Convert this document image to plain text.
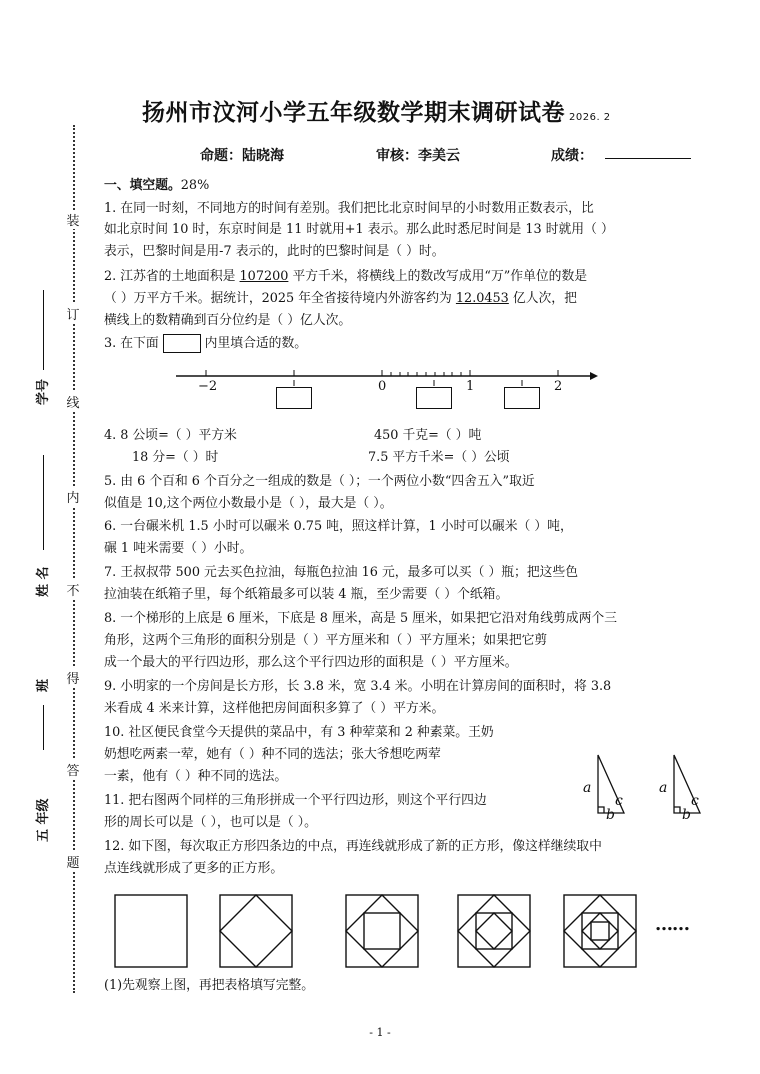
扬州市汶河小学五年级数学期末调研试卷 2026. 2
命题：陆晓海	审核：李美云	成绩：
装
订
线
内
不
得
答
题
学号
姓 名
班
五 年级
一、填空题。28%
1. 在同一时刻，不同地方的时间有差别。我们把比北京时间早的小时数用正数表示，比
如北京时间 10 时，东京时间是 11 时就用+1 表示。那么此时悉尼时间是 13 时就用（ ）
表示，巴黎时间是用-7 表示的，此时的巴黎时间是（ ）时。
2. 江苏省的土地面积是 107200 平方千米，将横线上的数改写成用“万”作单位的数是
（ ）万平方千米。据统计，2025 年全省接待境内外游客约为 12.0453 亿人次，把
横线上的数精确到百分位约是（ ）亿人次。
3. 在下面	内里填合适的数。
−2	0	1	2
4. 8 公顷=（ ）平方米	450 千克=（ ）吨
18 分=（ ）时	7.5 平方千米=（ ）公顷
5. 由 6 个百和 6 个百分之一组成的数是（ ）；一个两位小数“四舍五入”取近
似值是 10,这个两位小数最小是（ ），最大是（ ）。
6. 一台碾米机 1.5 小时可以碾米 0.75 吨，照这样计算，1 小时可以碾米（ ）吨，
碾 1 吨米需要（ ）小时。
7. 王叔叔带 500 元去买色拉油，每瓶色拉油 16 元，最多可以买（ ）瓶；把这些色
拉油装在纸箱子里，每个纸箱最多可以装 4 瓶，至少需要（ ）个纸箱。
8. 一个梯形的上底是 6 厘米，下底是 8 厘米，高是 5 厘米，如果把它沿对角线剪成两个三
角形，这两个三角形的面积分别是（ ）平方厘米和（ ）平方厘米；如果把它剪
成一个最大的平行四边形，那么这个平行四边形的面积是（ ）平方厘米。
9. 小明家的一个房间是长方形，长 3.8 米，宽 3.4 米。小明在计算房间的面积时，将 3.8
米看成 4 米来计算，这样他把房间面积多算了（ ）平方米。
10. 社区便民食堂今天提供的菜品中，有 3 种荤菜和 2 种素菜。王奶
奶想吃两素一荤，她有（ ）种不同的选法；张大爷想吃两荤
一素，他有（ ）种不同的选法。
11. 把右图两个同样的三角形拼成一个平行四边形，则这个平行四边
形的周长可以是（ ），也可以是（ ）。
12. 如下图，每次取正方形四条边的中点，再连线就形成了新的正方形，像这样继续取中
点连线就形成了更多的正方形。
a
c
b
a
c
b
……
(1)先观察上图，再把表格填写完整。
- 1 -
